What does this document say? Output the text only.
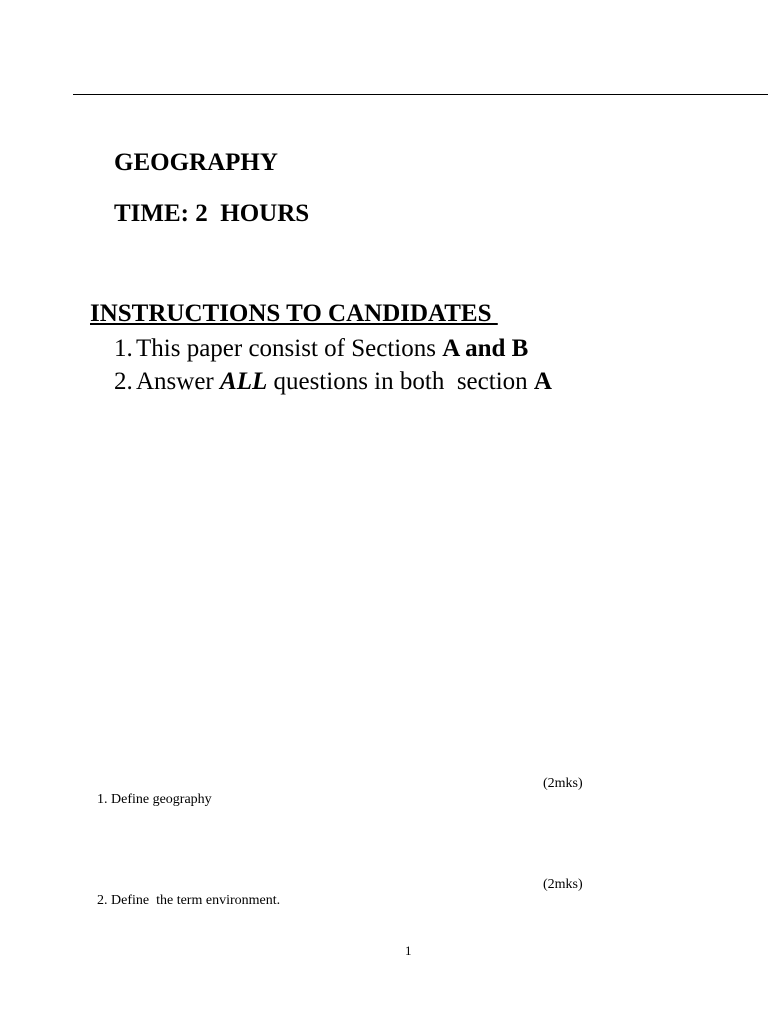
GEOGRAPHY
TIME: 2  HOURS
INSTRUCTIONS TO CANDIDATES
1. This paper consist of Sections A and B
2. Answer ALL questions in both  section A

1. Define geography

(2mks)

2. Define  the term environment.

(2mks)

1
